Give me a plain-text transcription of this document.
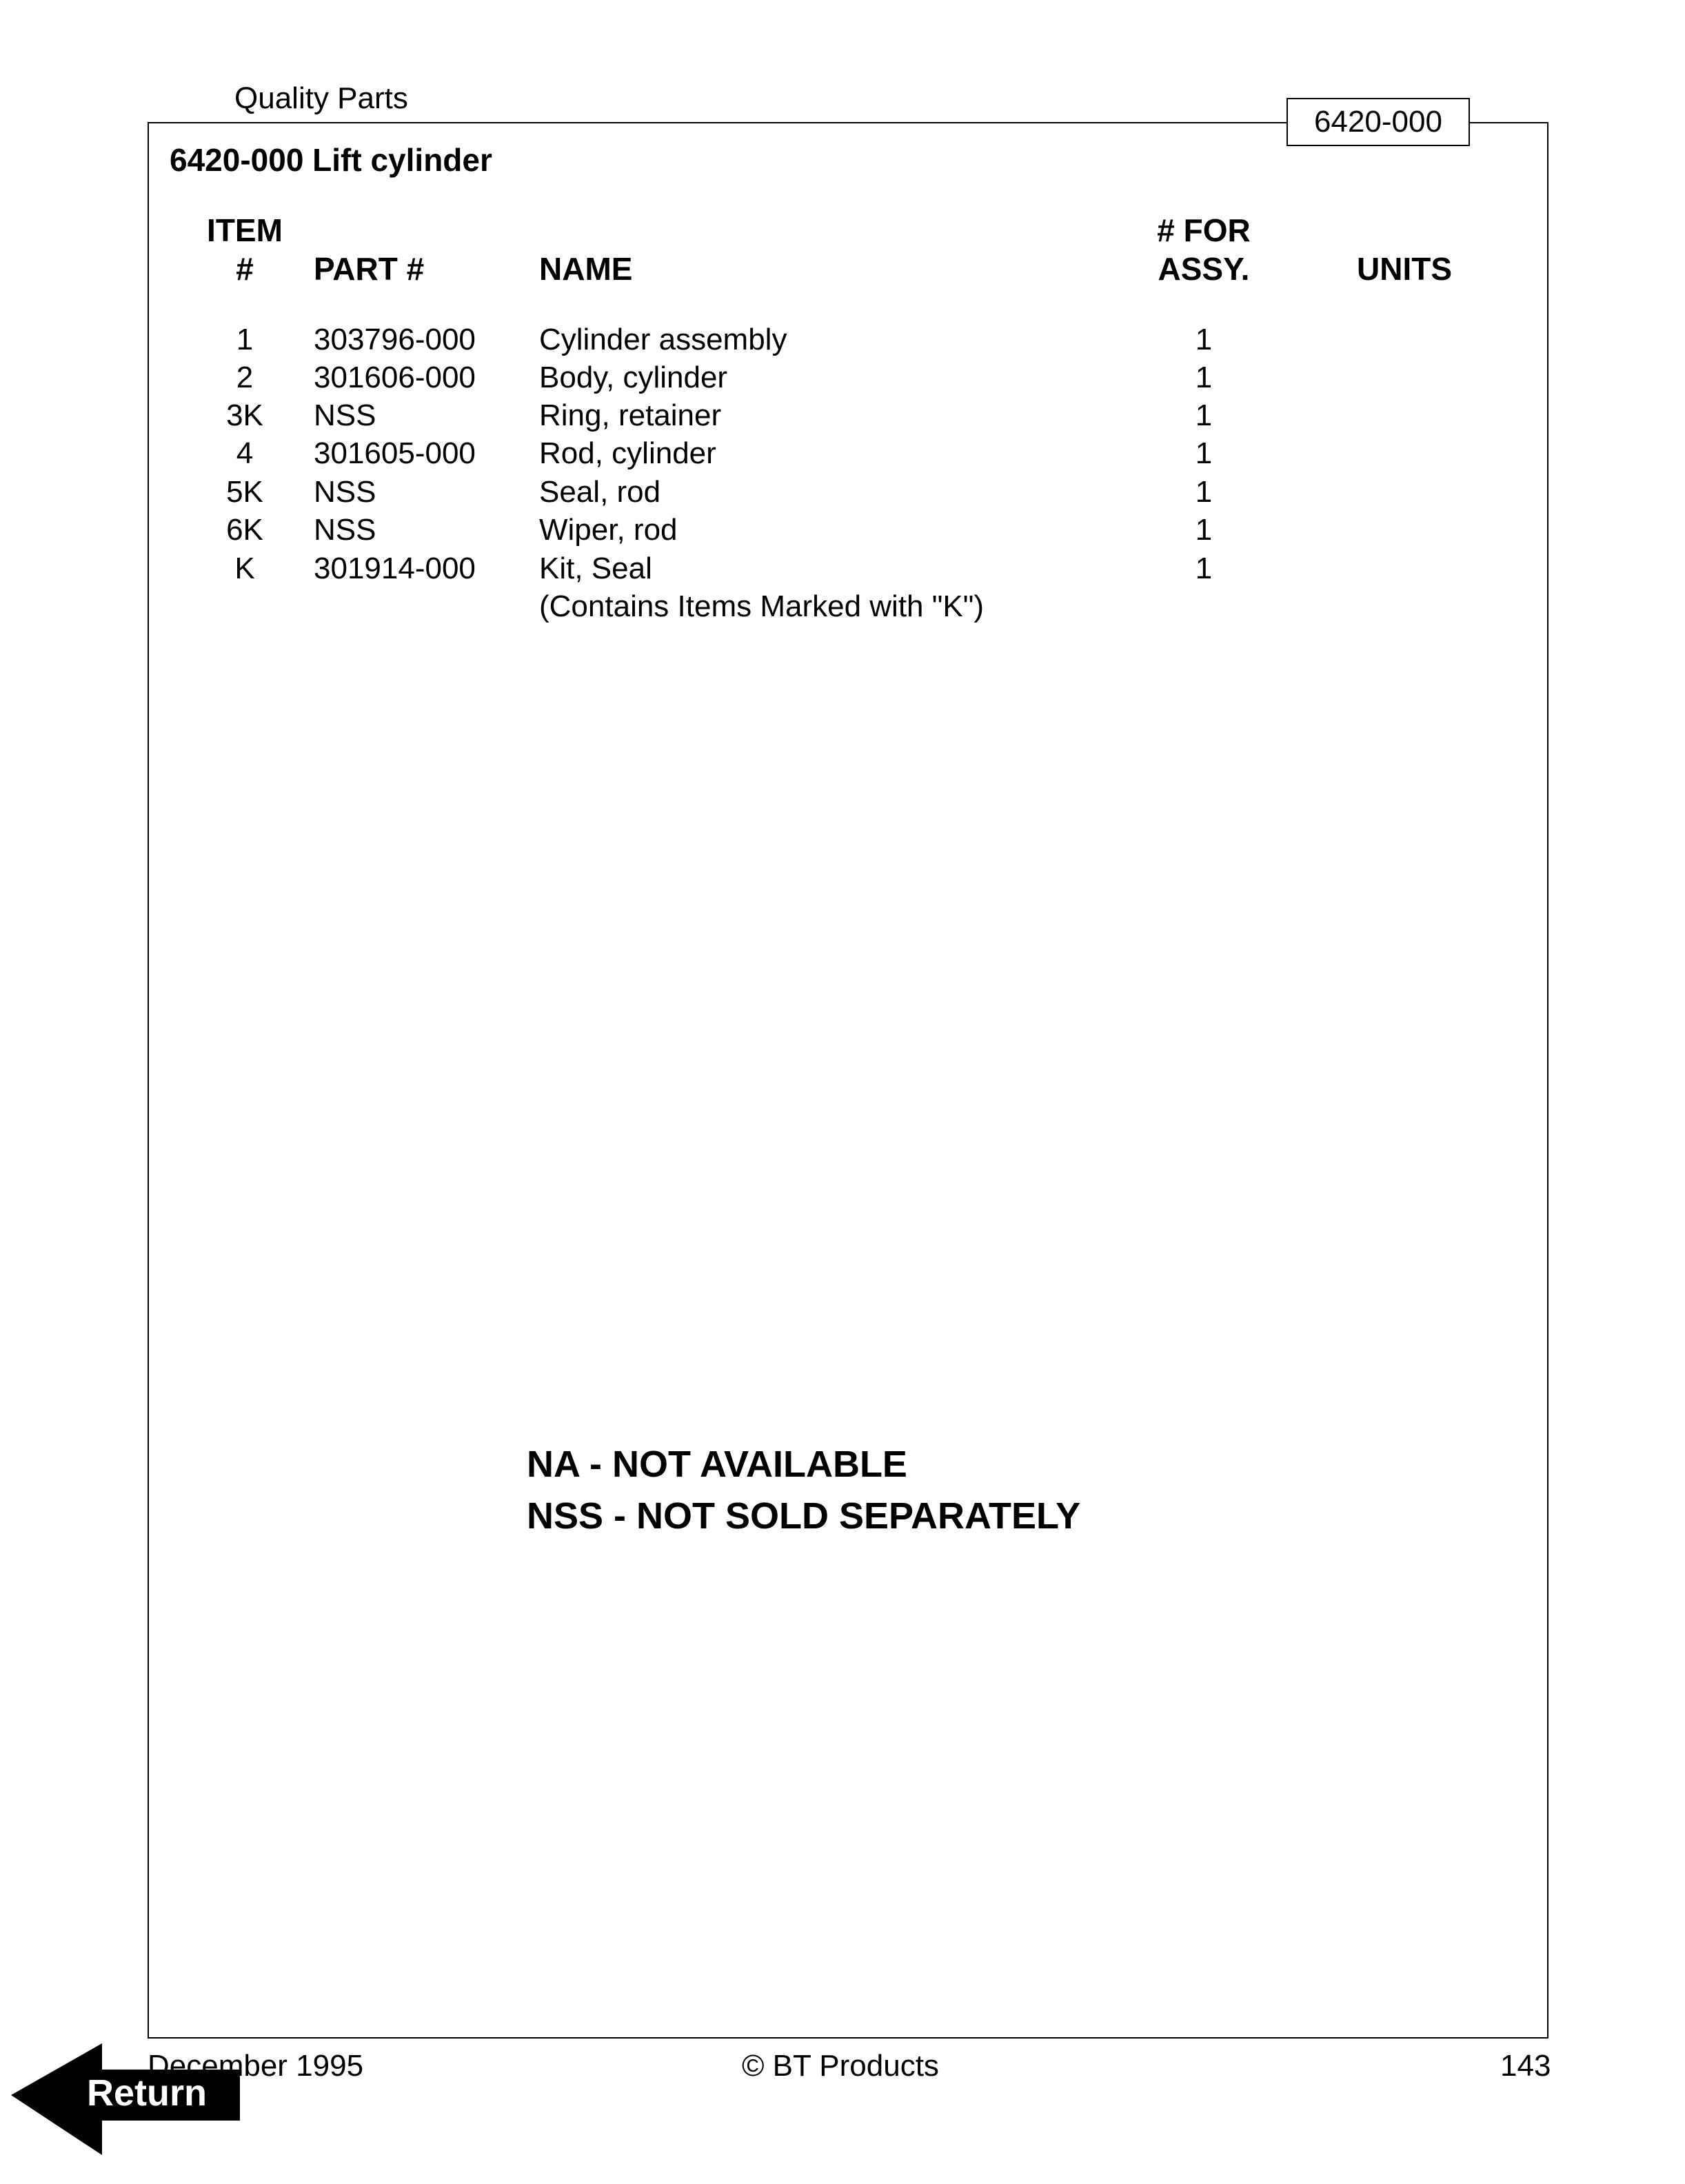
Quality Parts
6420-000
6420-000 Lift cylinder
ITEM
#	PART #	NAME
# FOR
ASSY.	UNITS
1	303796-000 Cylinder assembly	1
2	301606-000 Body, cylinder	1
3K	NSS	Ring, retainer	1
4	301605-000 Rod, cylinder	1
5K	NSS	Seal, rod	1
6K	NSS	Wiper, rod	1
K	301914-000 Kit, Seal	1
(Contains Items Marked with "K")
NA - NOT AVAILABLE
NSS - NOT SOLD SEPARATELY
December 1995	© BT Products	143
Return
